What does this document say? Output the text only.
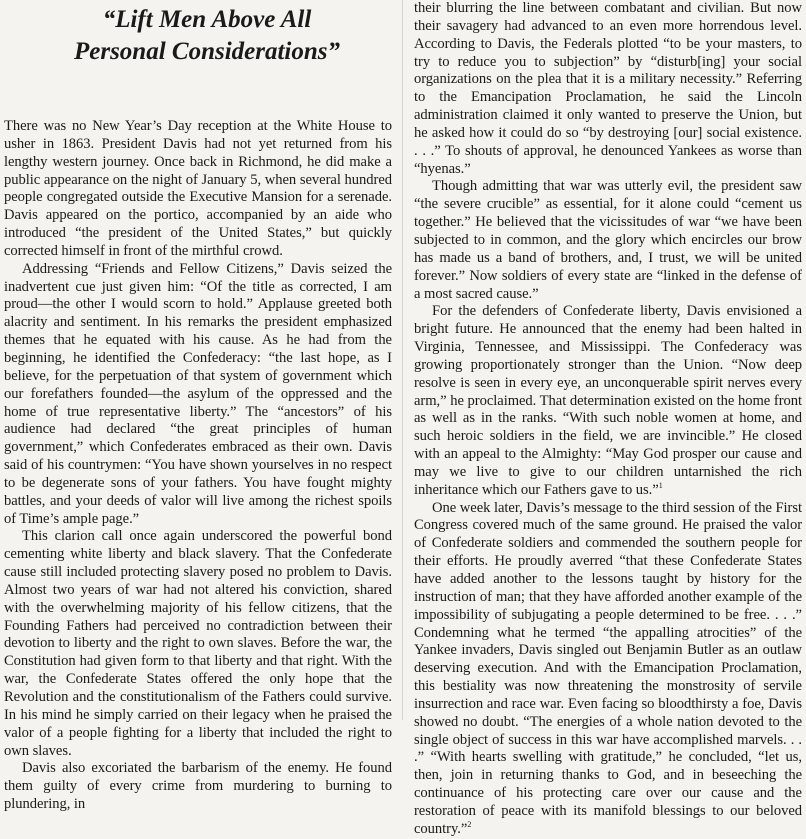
“Lift Men Above All
Personal Considerations”

There was no New Year’s Day reception at the White House to usher in 1863. President Davis had not yet returned from his lengthy western journey. Once back in Richmond, he did make a public appearance on the night of January 5, when several hundred people congregated outside the Executive Mansion for a serenade. Davis appeared on the portico, accompanied by an aide who introduced “the president of the United States,” but quickly corrected himself in front of the mirthful crowd.

Addressing “Friends and Fellow Citizens,” Davis seized the inadvertent cue just given him: “Of the title as corrected, I am proud—the other I would scorn to hold.” Applause greeted both alacrity and sentiment. In his remarks the president emphasized themes that he equated with his cause. As he had from the beginning, he identified the Confederacy: “the last hope, as I believe, for the perpetuation of that system of government which our forefathers founded—the asylum of the oppressed and the home of true representative liberty.” The “ancestors” of his audience had declared “the great principles of human government,” which Confederates embraced as their own. Davis said of his countrymen: “You have shown yourselves in no respect to be degenerate sons of your fathers. You have fought mighty battles, and your deeds of valor will live among the richest spoils of Time’s ample page.”

This clarion call once again underscored the powerful bond cementing white liberty and black slavery. That the Confederate cause still included protecting slavery posed no problem to Davis. Almost two years of war had not altered his conviction, shared with the overwhelming majority of his fellow citizens, that the Founding Fathers had perceived no contradiction between their devotion to liberty and the right to own slaves. Before the war, the Constitution had given form to that liberty and that right. With the war, the Confederate States offered the only hope that the Revolution and the constitutionalism of the Fathers could survive. In his mind he simply carried on their legacy when he praised the valor of a people fighting for a liberty that included the right to own slaves.

Davis also excoriated the barbarism of the enemy. He found them guilty of every crime from murdering to burning to plundering, in

their blurring the line between combatant and civilian. But now their savagery had advanced to an even more horrendous level. According to Davis, the Federals plotted “to be your masters, to try to reduce you to subjection” by “disturb[ing] your social organizations on the plea that it is a military necessity.” Referring to the Emancipation Proclamation, he said the Lincoln administration claimed it only wanted to preserve the Union, but he asked how it could do so “by destroying [our] social existence. . . .” To shouts of approval, he denounced Yankees as worse than “hyenas.”

Though admitting that war was utterly evil, the president saw “the severe crucible” as essential, for it alone could “cement us together.” He believed that the vicissitudes of war “we have been subjected to in common, and the glory which encircles our brow has made us a band of brothers, and, I trust, we will be united forever.” Now soldiers of every state are “linked in the defense of a most sacred cause.”

For the defenders of Confederate liberty, Davis envisioned a bright future. He announced that the enemy had been halted in Virginia, Tennessee, and Mississippi. The Confederacy was growing proportionately stronger than the Union. “Now deep resolve is seen in every eye, an unconquerable spirit nerves every arm,” he proclaimed. That determination existed on the home front as well as in the ranks. “With such noble women at home, and such heroic soldiers in the field, we are invincible.” He closed with an appeal to the Almighty: “May God prosper our cause and may we live to give to our children untarnished the rich inheritance which our Fathers gave to us.”$^1$

One week later, Davis’s message to the third session of the First Congress covered much of the same ground. He praised the valor of Confederate soldiers and commended the southern people for their efforts. He proudly averred “that these Confederate States have added another to the lessons taught by history for the instruction of man; that they have afforded another example of the impossibility of subjugating a people determined to be free. . . .” Condemning what he termed “the appalling atrocities” of the Yankee invaders, Davis singled out Benjamin Butler as an outlaw deserving execution. And with the Emancipation Proclamation, this bestiality was now threatening the monstrosity of servile insurrection and race war. Even facing so bloodthirsty a foe, Davis showed no doubt. “The energies of a whole nation devoted to the single object of success in this war have accomplished marvels. . . .” “With hearts swelling with gratitude,” he concluded, “let us, then, join in returning thanks to God, and in beseeching the continuance of his protecting care over our cause and the restoration of peace with its manifold blessings to our beloved country.”$^2$
